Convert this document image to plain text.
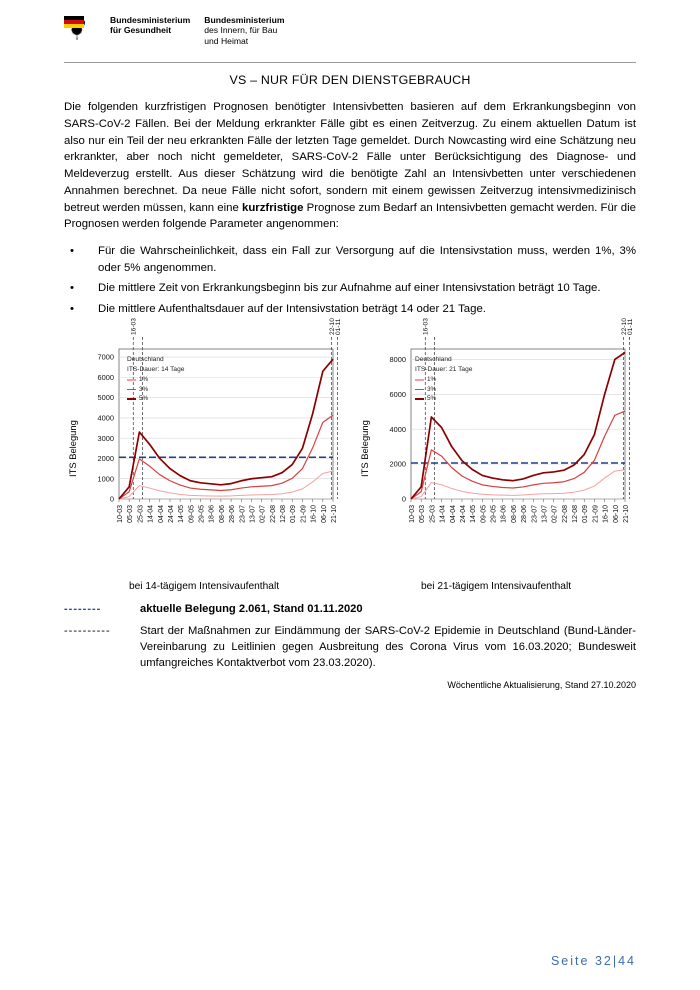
Bundesministerium
für Gesundheit
Bundesministerium
des Innern, für Bau
und Heimat
VS – NUR FÜR DEN DIENSTGEBRAUCH

Die folgenden kurzfristigen Prognosen benötigter Intensivbetten basieren auf dem Erkrankungsbeginn von SARS-CoV-2 Fällen. Bei der Meldung erkrankter Fälle gibt es einen Zeitverzug. Zu einem aktuellen Datum ist also nur ein Teil der neu erkrankten Fälle der letzten Tage gemeldet. Durch Nowcasting wird eine Schätzung neu erkrankter, aber noch nicht gemeldeter, SARS-CoV-2 Fälle unter Berücksichtigung des Diagnose- und Meldeverzug erstellt. Aus dieser Schätzung wird die benötigte Zahl an Intensivbetten unter verschiedenen Annahmen berechnet. Da neue Fälle nicht sofort, sondern mit einem gewissen Zeitverzug intensivmedizinisch betreut werden müssen, kann eine kurzfristige Prognose zum Bedarf an Intensivbetten gemacht werden. Für die Prognosen werden folgende Parameter angenommen:

• Für die Wahrscheinlichkeit, dass ein Fall zur Versorgung auf die Intensivstation muss, werden 1%, 3% oder 5% angenommen.
• Die mittlere Zeit von Erkrankungsbeginn bis zur Aufnahme auf einer Intensivstation beträgt 10 Tage.
• Die mittlere Aufenthaltsdauer auf der Intensivstation beträgt 14 oder 21 Tage.
ITS Belegung
0
1000
2000
3000
4000
5000
6000
7000
10-03 05-03 25-03 14-04 04-04 24-04 14-05 09-05 29-05 18-06 08-06 28-06 23-07 13-07 02-07 22-08 12-08 01-09 21-09 16-10 06-10 21-10
16-03	22-10 01-11
Deutschland
ITS-Dauer: 14 Tage
1%
3%
5%
bei 14-tägigem Intensivaufenthalt
ITS Belegung
0
2000
4000
6000
8000
10-03 05-03 25-03 14-04 04-04 24-04 14-05 09-05 29-05 18-06 08-06 28-06 23-07 13-07 02-07 22-08 12-08 01-09 21-09 16-10 06-10 21-10
16-03	22-10 01-11
Deutschland
ITS-Dauer: 21 Tage
1%
3%
5%
bei 21-tägigem Intensivaufenthalt
--------	aktuelle Belegung 2.061, Stand 01.11.2020
----------	Start der Maßnahmen zur Eindämmung der SARS-CoV-2 Epidemie in Deutschland (Bund-Länder-Vereinbarung zu Leitlinien gegen Ausbreitung des Corona Virus vom 16.03.2020; Bundesweit umfangreiches Kontaktverbot vom 23.03.2020).
Wöchentliche Aktualisierung, Stand 27.10.2020
Seite 32|44
